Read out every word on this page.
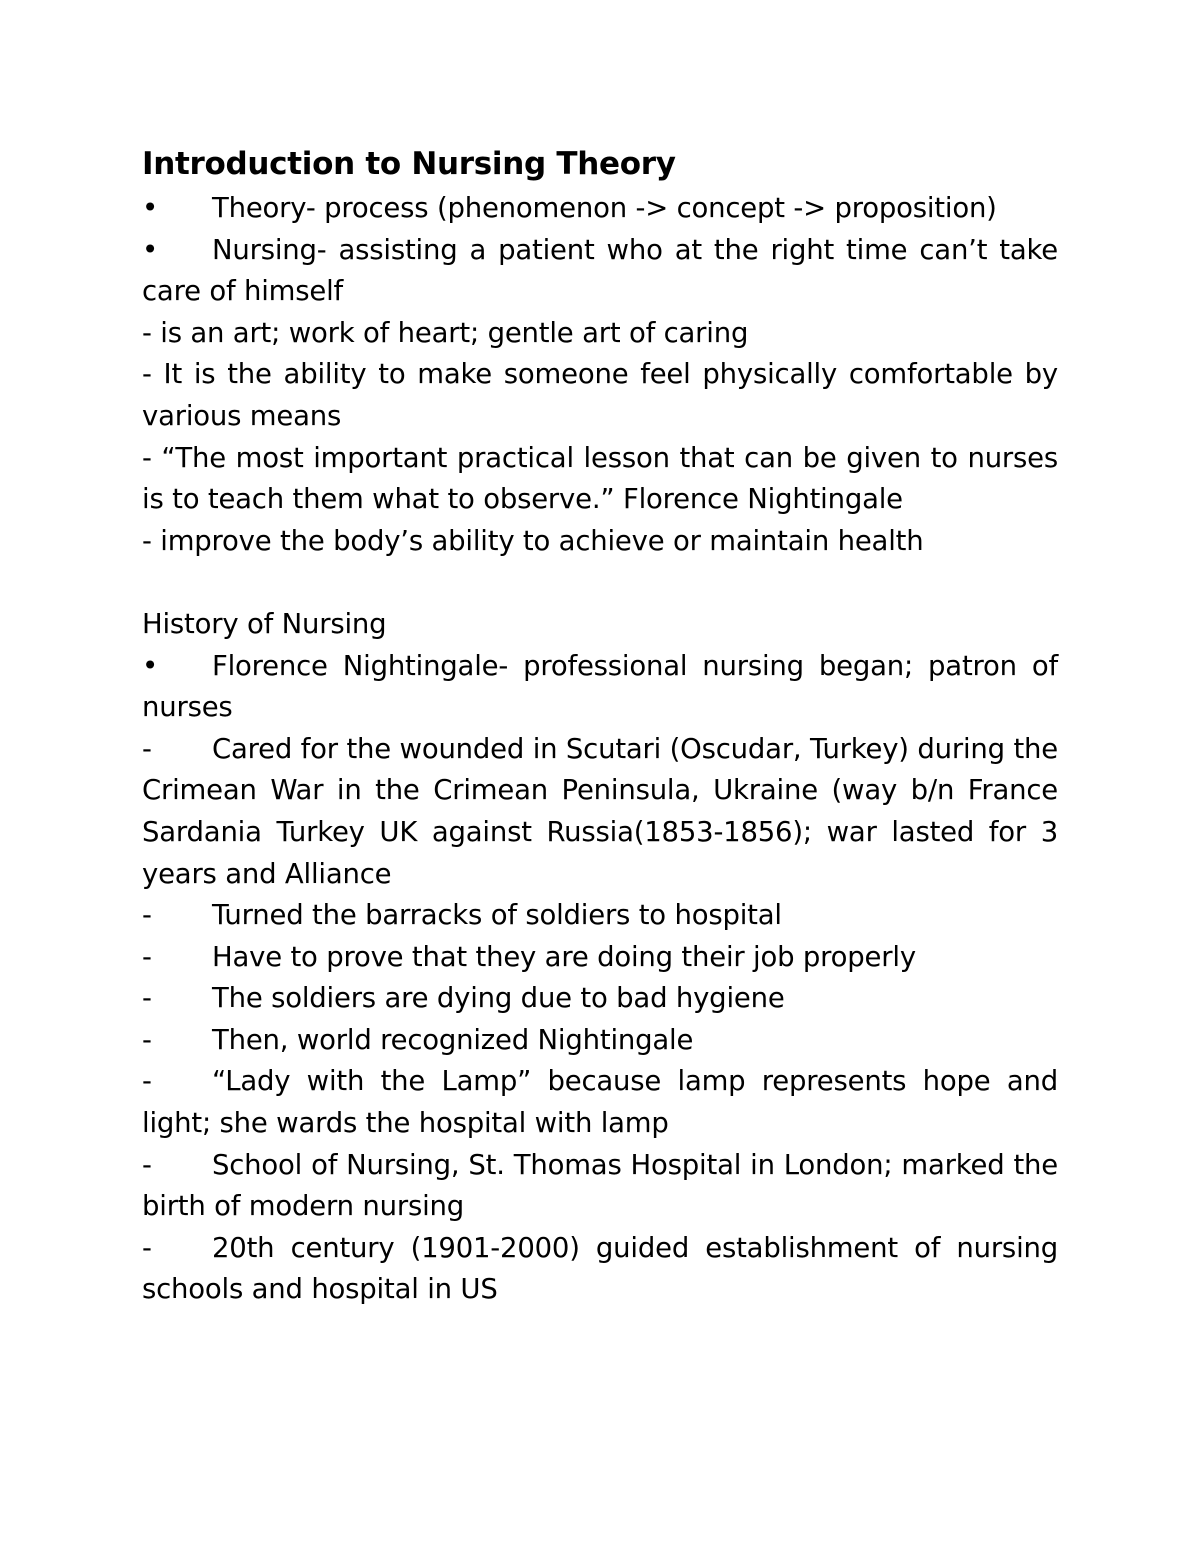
Introduction to Nursing Theory

• Theory- process (phenomenon -> concept -> proposition)

• Nursing- assisting a patient who at the right time can’t take care of himself

- is an art; work of heart; gentle art of caring

- It is the ability to make someone feel physically comfortable by various means

- “The most important practical lesson that can be given to nurses is to teach them what to observe.” Florence Nightingale

- improve the body’s ability to achieve or maintain health

History of Nursing

• Florence Nightingale- professional nursing began; patron of nurses

- Cared for the wounded in Scutari (Oscudar, Turkey) during the Crimean War in the Crimean Peninsula, Ukraine (way b/n France Sardania Turkey UK against Russia(1853-1856); war lasted for 3 years and Alliance

- Turned the barracks of soldiers to hospital

- Have to prove that they are doing their job properly

- The soldiers are dying due to bad hygiene

- Then, world recognized Nightingale

- “Lady with the Lamp” because lamp represents hope and light; she wards the hospital with lamp

- School of Nursing, St. Thomas Hospital in London; marked the birth of modern nursing

- 20th century (1901-2000) guided establishment of nursing schools and hospital in US
